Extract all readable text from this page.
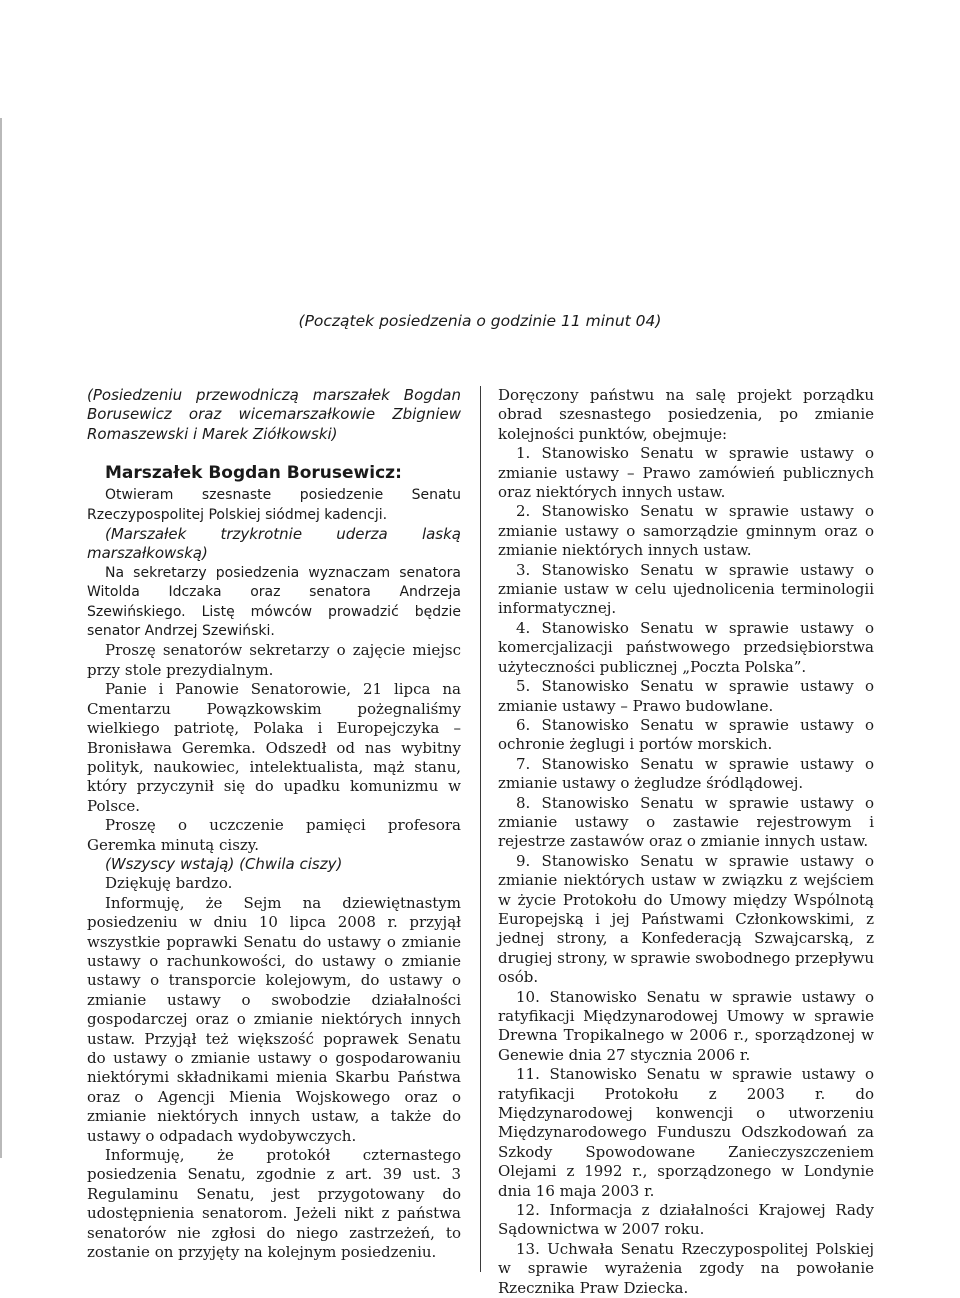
(Początek posiedzenia o godzinie 11 minut 04)

(Posiedzeniu przewodniczą marszałek Bogdan Borusewicz oraz wicemarszałkowie Zbigniew Romaszewski i Marek Ziółkowski)

Marszałek Bogdan Borusewicz:

Otwieram szesnaste posiedzenie Senatu Rzeczypospolitej Polskiej siódmej kadencji.

(Marszałek trzykrotnie uderza laską marszałkowską)

Na sekretarzy posiedzenia wyznaczam senatora Witolda Idczaka oraz senatora Andrzeja Szewińskiego. Listę mówców prowadzić będzie senator Andrzej Szewiński.

Proszę senatorów sekretarzy o zajęcie miejsc przy stole prezydialnym.

Panie i Panowie Senatorowie, 21 lipca na Cmentarzu Powązkowskim pożegnaliśmy wielkiego patriotę, Polaka i Europejczyka – Bronisława Geremka. Odszedł od nas wybitny polityk, naukowiec, intelektualista, mąż stanu, który przyczynił się do upadku komunizmu w Polsce.

Proszę o uczczenie pamięci profesora Geremka minutą ciszy.

(Wszyscy wstają) (Chwila ciszy)

Dziękuję bardzo.

Informuję, że Sejm na dziewiętnastym posiedzeniu w dniu 10 lipca 2008 r. przyjął wszystkie poprawki Senatu do ustawy o zmianie ustawy o rachunkowości, do ustawy o zmianie ustawy o transporcie kolejowym, do ustawy o zmianie ustawy o swobodzie działalności gospodarczej oraz o zmianie niektórych innych ustaw. Przyjął też większość poprawek Senatu do ustawy o zmianie ustawy o gospodarowaniu niektórymi składnikami mienia Skarbu Państwa oraz o Agencji Mienia Wojskowego oraz o zmianie niektórych innych ustaw, a także do ustawy o odpadach wydobywczych.

Informuję, że protokół czternastego posiedzenia Senatu, zgodnie z art. 39 ust. 3 Regulaminu Senatu, jest przygotowany do udostępnienia senatorom. Jeżeli nikt z państwa senatorów nie zgłosi do niego zastrzeżeń, to zostanie on przyjęty na kolejnym posiedzeniu.

Doręczony państwu na salę projekt porządku obrad szesnastego posiedzenia, po zmianie kolejności punktów, obejmuje:

1. Stanowisko Senatu w sprawie ustawy o zmianie ustawy – Prawo zamówień publicznych oraz niektórych innych ustaw.

2. Stanowisko Senatu w sprawie ustawy o zmianie ustawy o samorządzie gminnym oraz o zmianie niektórych innych ustaw.

3. Stanowisko Senatu w sprawie ustawy o zmianie ustaw w celu ujednolicenia terminologii informatycznej.

4. Stanowisko Senatu w sprawie ustawy o komercjalizacji państwowego przedsiębiorstwa użyteczności publicznej „Poczta Polska”.

5. Stanowisko Senatu w sprawie ustawy o zmianie ustawy – Prawo budowlane.

6. Stanowisko Senatu w sprawie ustawy o ochronie żeglugi i portów morskich.

7. Stanowisko Senatu w sprawie ustawy o zmianie ustawy o żegludze śródlądowej.

8. Stanowisko Senatu w sprawie ustawy o zmianie ustawy o zastawie rejestrowym i rejestrze zastawów oraz o zmianie innych ustaw.

9. Stanowisko Senatu w sprawie ustawy o zmianie niektórych ustaw w związku z wejściem w życie Protokołu do Umowy między Wspólnotą Europejską i jej Państwami Członkowskimi, z jednej strony, a Konfederacją Szwajcarską, z drugiej strony, w sprawie swobodnego przepływu osób.

10. Stanowisko Senatu w sprawie ustawy o ratyfikacji Międzynarodowej Umowy w sprawie Drewna Tropikalnego w 2006 r., sporządzonej w Genewie dnia 27 stycznia 2006 r.

11. Stanowisko Senatu w sprawie ustawy o ratyfikacji Protokołu z 2003 r. do Międzynarodowej konwencji o utworzeniu Międzynarodowego Funduszu Odszkodowań za Szkody Spowodowane Zanieczyszczeniem Olejami z 1992 r., sporządzonego w Londynie dnia 16 maja 2003 r.

12. Informacja z działalności Krajowej Rady Sądownictwa w 2007 roku.

13. Uchwała Senatu Rzeczypospolitej Polskiej w sprawie wyrażenia zgody na powołanie Rzecznika Praw Dziecka.
